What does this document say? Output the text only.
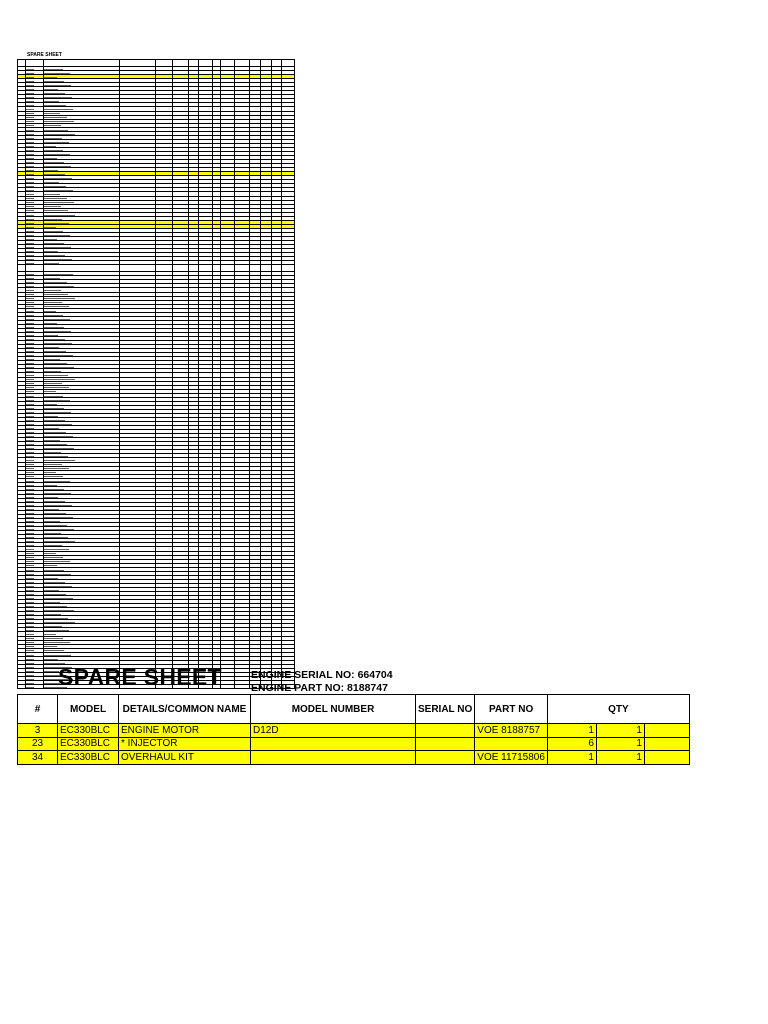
SPARE SHEET

SPARE SHEET	ENGINE SERIAL NO: 664704
ENGINE PART NO: 8188747
#	MODEL	DETAILS/COMMON NAME	MODEL NUMBER	SERIAL NO	PART NO	QTY		
3	EC330BLC	ENGINE MOTOR	D12D		VOE 8188757	1	1	
23	EC330BLC	* INJECTOR				6	1	
34	EC330BLC	OVERHAUL KIT			VOE 11715806	1	1	
